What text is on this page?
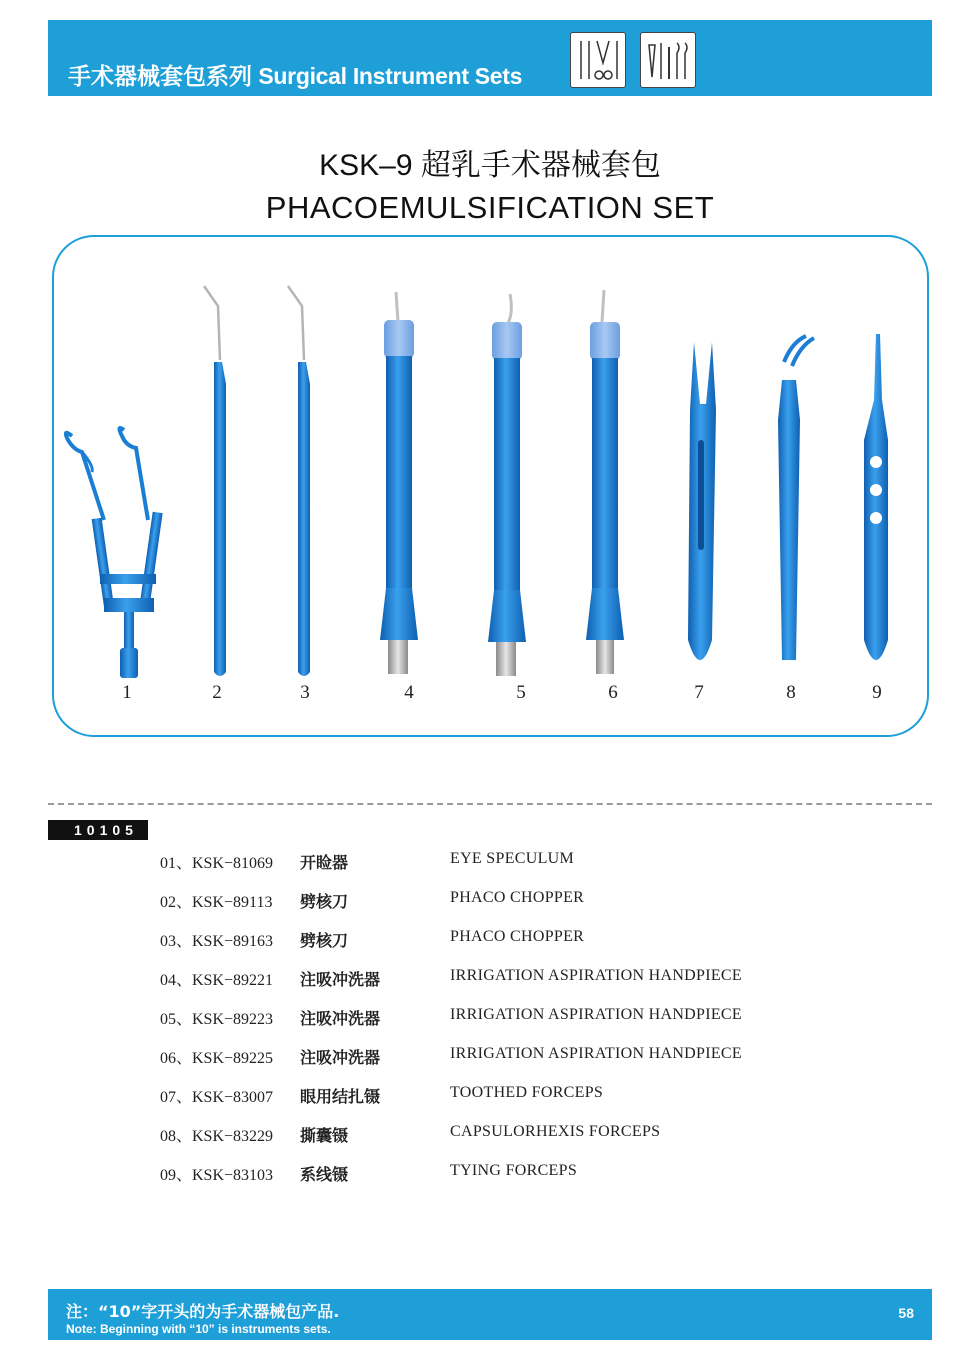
手术器械套包系列 Surgical Instrument Sets
KSK–9 超乳手术器械套包
PHACOEMULSIFICATION SET
1	2	3	4	5	6	7	8	9
10105
01、KSK−81069 开睑器	EYE SPECULUM
02、KSK−89113 劈核刀	PHACO CHOPPER
03、KSK−89163 劈核刀	PHACO CHOPPER
04、KSK−89221 注吸冲洗器	IRRIGATION ASPIRATION HANDPIECE
05、KSK−89223 注吸冲洗器	IRRIGATION ASPIRATION HANDPIECE
06、KSK−89225 注吸冲洗器	IRRIGATION ASPIRATION HANDPIECE
07、KSK−83007 眼用结扎镊	TOOTHED FORCEPS
08、KSK−83229 撕囊镊	CAPSULORHEXIS FORCEPS
09、KSK−83103 系线镊	TYING FORCEPS
注：“10”字开头的为手术器械包产品.
Note: Beginning with “10” is instruments sets.
58
